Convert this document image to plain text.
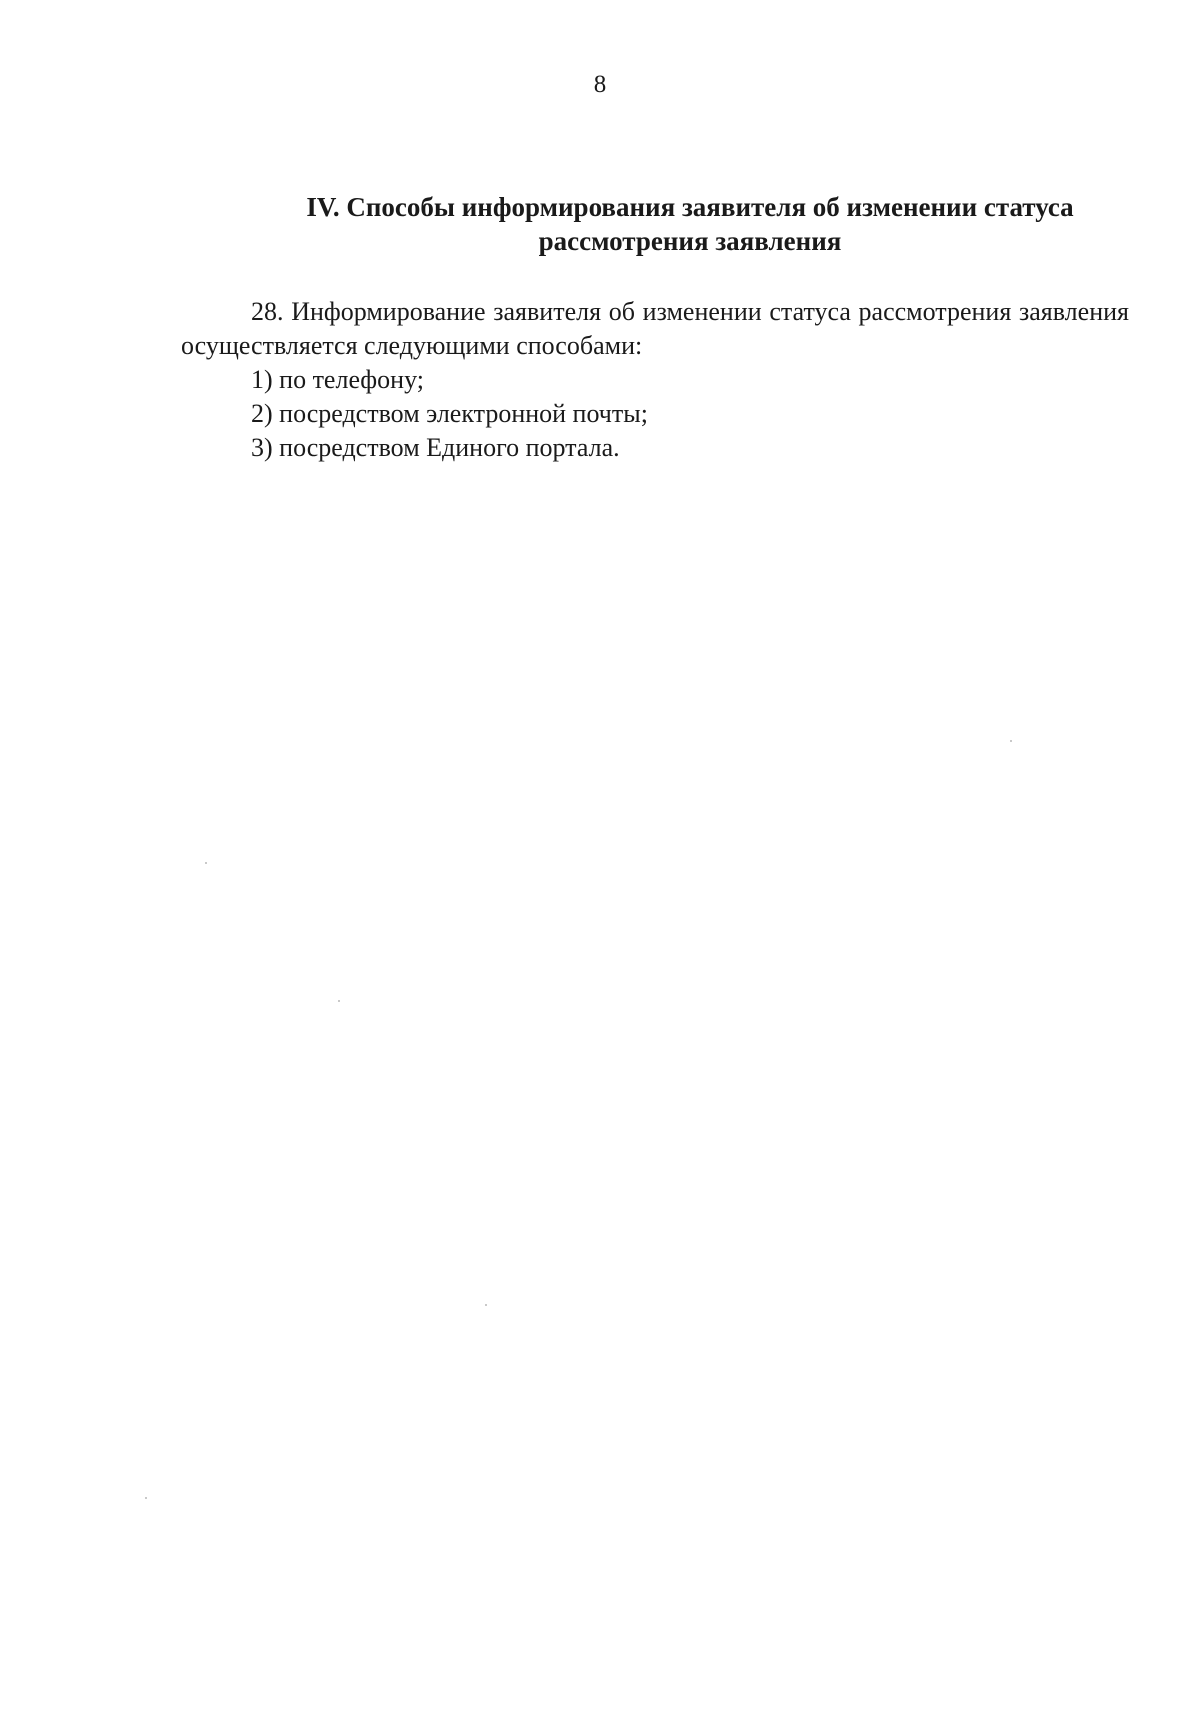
8
IV. Способы информирования заявителя об изменении статуса
рассмотрения заявления

28. Информирование заявителя об изменении статуса рассмотрения заявления осуществляется следующими способами:

1) по телефону;
2) посредством электронной почты;
3) посредством Единого портала.
